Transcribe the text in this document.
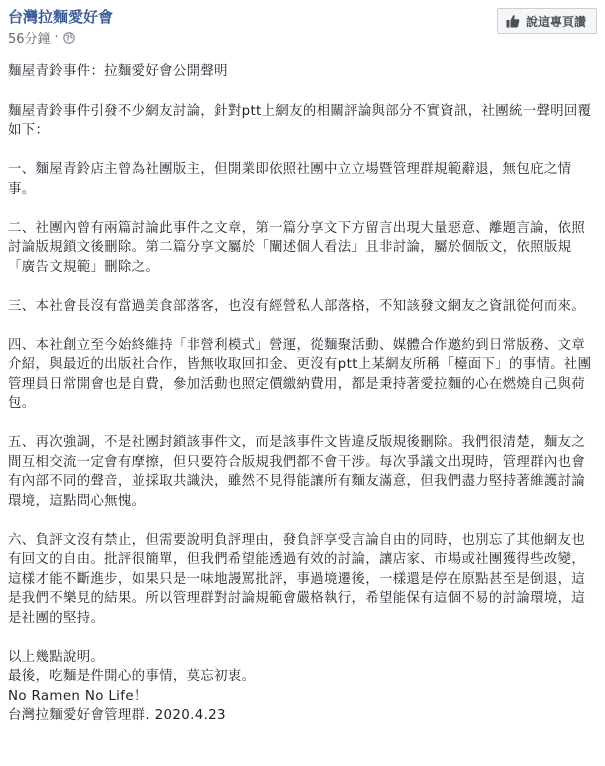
台灣拉麵愛好會
56分鐘 ·
說這專頁讚

麵屋青鈴事件：拉麵愛好會公開聲明

麵屋青鈴事件引發不少網友討論，針對ptt上網友的相關評論與部分不實資訊，社團統一聲明回覆如下：

一、麵屋青鈴店主曾為社團版主，但開業即依照社團中立立場暨管理群規範辭退，無包庇之情事。

二、社團內曾有兩篇討論此事件之文章，第一篇分享文下方留言出現大量惡意、離題言論，依照討論版規鎖文後刪除。第二篇分享文屬於「闡述個人看法」且非討論，屬於個版文，依照版規「廣告文規範」刪除之。

三、本社會長沒有當過美食部落客，也沒有經營私人部落格，不知該發文網友之資訊從何而來。

四、本社創立至今始終維持「非營利模式」營運，從麵聚活動、媒體合作邀約到日常版務、文章介紹，與最近的出版社合作，皆無收取回扣金、更沒有ptt上某網友所稱「檯面下」的事情。社團管理員日常開會也是自費，參加活動也照定價繳納費用，都是秉持著愛拉麵的心在燃燒自己與荷包。

五、再次強調，不是社團封鎖該事件文，而是該事件文皆違反版規後刪除。我們很清楚，麵友之間互相交流一定會有摩擦，但只要符合版規我們都不會干涉。每次爭議文出現時，管理群內也會有內部不同的聲音，並採取共識決，雖然不見得能讓所有麵友滿意，但我們盡力堅持著維護討論環境，這點問心無愧。

六、負評文沒有禁止，但需要說明負評理由，發負評享受言論自由的同時，也別忘了其他網友也有回文的自由。批評很簡單，但我們希望能透過有效的討論，讓店家、市場或社團獲得些改變，這樣才能不斷進步，如果只是一味地謾罵批評，事過境遷後，一樣還是停在原點甚至是倒退，這是我們不樂見的結果。所以管理群對討論規範會嚴格執行，希望能保有這個不易的討論環境，這是社團的堅持。

以上幾點說明。

最後，吃麵是件開心的事情，莫忘初衷。

No Ramen No Life！

台灣拉麵愛好會管理群. 2020.4.23
